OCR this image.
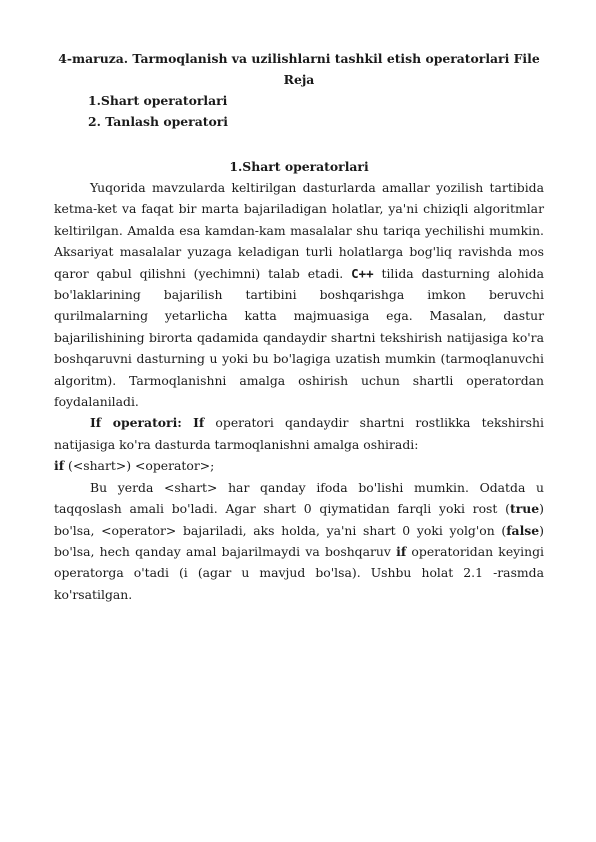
4-maruza. Tarmoqlanish va uzilishlarni tashkil etish operatorlari File
Reja
1.Shart operatorlari
2. Tanlash operatori
1.Shart operatorlari

Yuqorida mavzularda keltirilgan dasturlarda amallar yozilish tartibida ketma-ket va faqat bir marta bajariladigan holatlar, ya'ni chiziqli algoritmlar keltirilgan. Amalda esa kamdan-kam masalalar shu tariqa yechilishi mumkin. Aksariyat masalalar yuzaga keladigan turli holatlarga bog'liq ravishda mos qaror qabul qilishni (yechimni) talab etadi. C++ tilida dasturning alohida bo'laklarining bajarilish tartibini boshqarishga imkon beruvchi qurilmalarning yetarlicha katta majmuasiga ega. Masalan, dastur bajarilishining birorta qadamida qandaydir shartni tekshirish natijasiga ko'ra boshqaruvni dasturning u yoki bu bo'lagiga uzatish mumkin (tarmoqlanuvchi algoritm). Tarmoqlanishni amalga oshirish uchun shartli operatordan foydalaniladi.

If operatori: If operatori qandaydir shartni rostlikka tekshirshi natijasiga ko'ra dasturda tarmoqlanishni amalga oshiradi:

if (<shart>) <operator>;

Bu yerda <shart> har qanday ifoda bo'lishi mumkin. Odatda u taqqoslash amali bo'ladi. Agar shart 0 qiymatidan farqli yoki rost (true) bo'lsa, <operator> bajariladi, aks holda, ya'ni shart 0 yoki yolg'on (false) bo'lsa, hech qanday amal bajarilmaydi va boshqaruv if operatoridan keyingi operatorga o'tadi (i (agar u mavjud bo'lsa). Ushbu holat 2.1 -rasmda ko'rsatilgan.
